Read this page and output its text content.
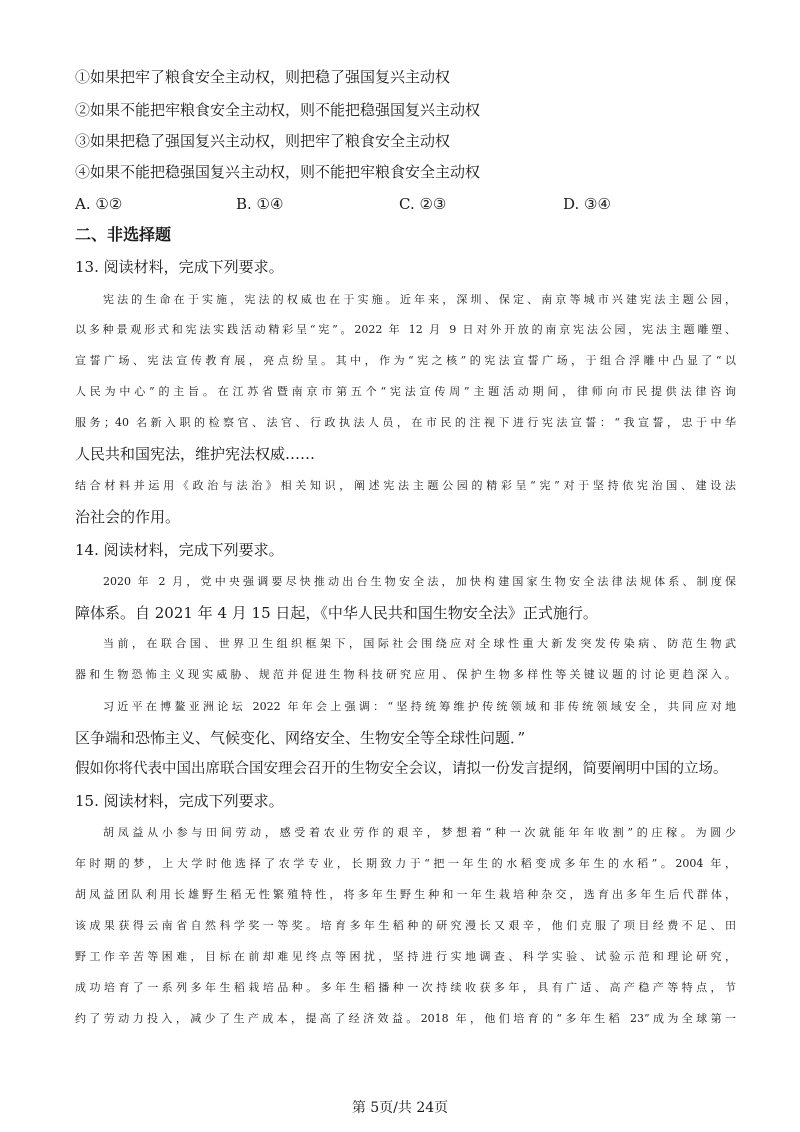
①如果把牢了粮食安全主动权，则把稳了强国复兴主动权
②如果不能把牢粮食安全主动权，则不能把稳强国复兴主动权
③如果把稳了强国复兴主动权，则把牢了粮食安全主动权
④如果不能把稳强国复兴主动权，则不能把牢粮食安全主动权
A. ①②	B. ①④	C. ②③	D. ③④
二、非选择题
13. 阅读材料，完成下列要求。
宪法的生命在于实施，宪法的权威也在于实施。近年来，深圳、保定、南京等城市兴建宪法主题公园，
以多种景观形式和宪法实践活动精彩呈“宪”。2022 年 12 月 9 日对外开放的南京宪法公园，宪法主题雕塑、
宣誓广场、宪法宣传教育展，亮点纷呈。其中，作为“宪之核”的宪法宣誓广场，于组合浮雕中凸显了“以
人民为中心”的主旨。在江苏省暨南京市第五个“宪法宣传周”主题活动期间，律师向市民提供法律咨询
服务；40 名新入职的检察官、法官、行政执法人员，在市民的注视下进行宪法宣誓：“我宣誓，忠于中华
人民共和国宪法，维护宪法权威……
结合材料并运用《政治与法治》相关知识，阐述宪法主题公园的精彩呈“宪”对于坚持依宪治国、建设法
治社会的作用。
14. 阅读材料，完成下列要求。
2020 年 2 月，党中央强调要尽快推动出台生物安全法，加快构建国家生物安全法律法规体系、制度保
障体系。自 2021 年 4 月 15 日起，《中华人民共和国生物安全法》正式施行。
当前，在联合国、世界卫生组织框架下，国际社会围绕应对全球性重大新发突发传染病、防范生物武
器和生物恐怖主义现实威胁、规范并促进生物科技研究应用、保护生物多样性等关键议题的讨论更趋深入。
习近平在博鳌亚洲论坛 2022 年年会上强调：“坚持统筹维护传统领域和非传统领域安全，共同应对地
区争端和恐怖主义、气候变化、网络安全、生物安全等全球性问题．”
假如你将代表中国出席联合国安理会召开的生物安全会议，请拟一份发言提纲，简要阐明中国的立场。
15. 阅读材料，完成下列要求。
胡凤益从小参与田间劳动，感受着农业劳作的艰辛，梦想着“种一次就能年年收割”的庄稼。为圆少
年时期的梦，上大学时他选择了农学专业，长期致力于“把一年生的水稻变成多年生的水稻”。2004 年，
胡凤益团队利用长雄野生稻无性繁殖特性，将多年生野生种和一年生栽培种杂交，选育出多年生后代群体，
该成果获得云南省自然科学奖一等奖。培育多年生稻种的研究漫长又艰辛，他们克服了项目经费不足、田
野工作辛苦等困难，目标在前却难见终点等困扰，坚持进行实地调查、科学实验、试验示范和理论研究，
成功培育了一系列多年生稻栽培品种。多年生稻播种一次持续收获多年，具有广适、高产稳产等特点，节
约了劳动力投入，减少了生产成本，提高了经济效益。2018 年，他们培育的“多年生稻 23”成为全球第一
第 5页/共 24页
